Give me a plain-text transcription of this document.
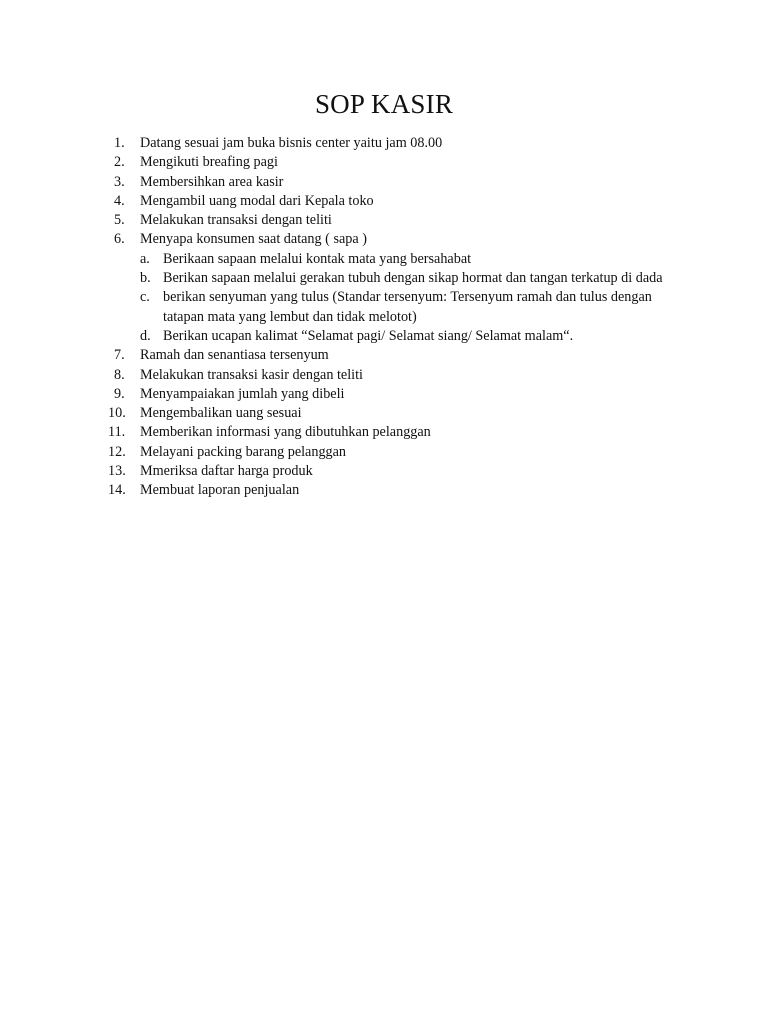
SOP KASIR
1.	Datang sesuai jam buka bisnis center yaitu jam 08.00
2.	Mengikuti breafing pagi
3.	Membersihkan area kasir
4.	Mengambil uang modal dari Kepala toko
5.	Melakukan transaksi dengan teliti
6.	Menyapa konsumen saat datang ( sapa )
a. Berikaan sapaan melalui kontak mata yang bersahabat
b. Berikan sapaan melalui gerakan tubuh dengan sikap hormat dan tangan terkatup di dada
c. berikan senyuman yang tulus (Standar tersenyum: Tersenyum ramah dan tulus dengan tatapan mata yang lembut dan tidak melotot)
d. Berikan ucapan kalimat “Selamat pagi/ Selamat siang/ Selamat malam“.
7.	Ramah dan senantiasa tersenyum
8.	Melakukan transaksi kasir dengan teliti
9.	Menyampaiakan jumlah yang dibeli
10.	Mengembalikan uang sesuai
11.	Memberikan informasi yang dibutuhkan pelanggan
12.	Melayani packing barang pelanggan
13.	Mmeriksa daftar harga produk
14.	Membuat laporan penjualan
